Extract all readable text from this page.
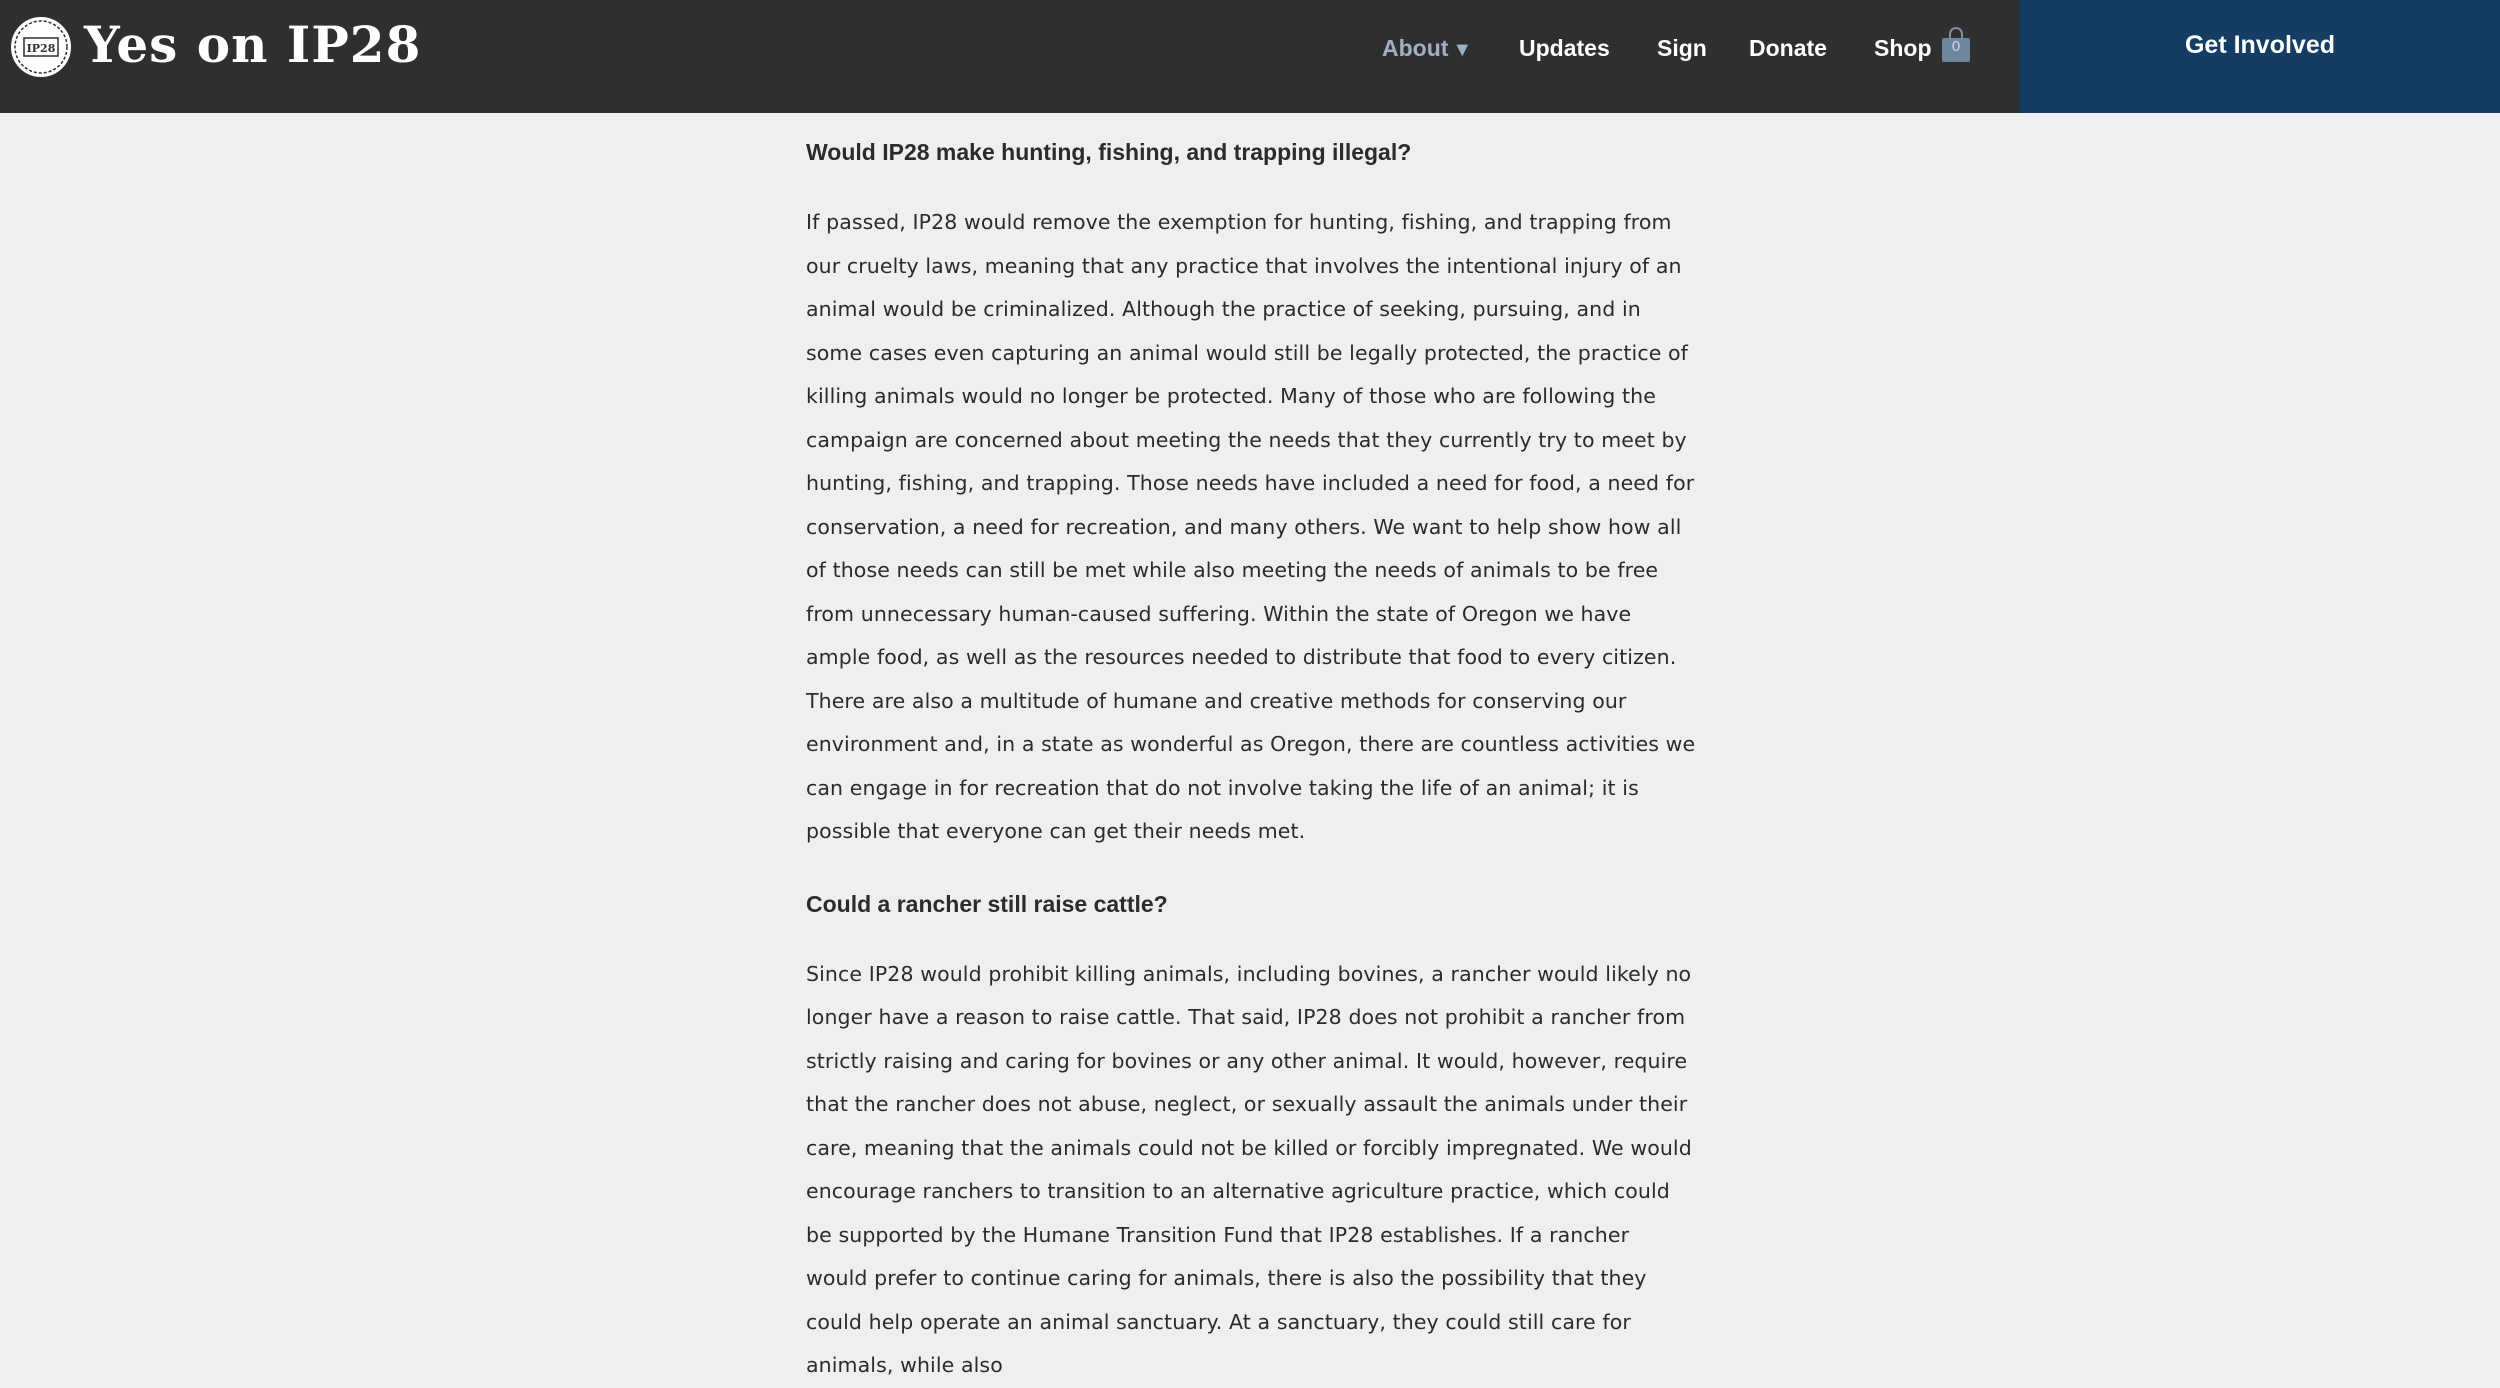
IP28 Yes on IP28	About ▼ Updates Sign Donate Shop	0	Get Involved
Would IP28 make hunting, fishing, and trapping illegal?
If passed, IP28 would remove the exemption for hunting, fishing, and trapping from our cruelty laws, meaning that any practice that involves the intentional injury of an animal would be criminalized. Although the practice of seeking, pursuing, and in some cases even capturing an animal would still be legally protected, the practice of killing animals would no longer be protected. Many of those who are following the campaign are concerned about meeting the needs that they currently try to meet by hunting, fishing, and trapping. Those needs have included a need for food, a need for conservation, a need for recreation, and many others. We want to help show how all of those needs can still be met while also meeting the needs of animals to be free from unnecessary human-caused suffering. Within the state of Oregon we have ample food, as well as the resources needed to distribute that food to every citizen. There are also a multitude of humane and creative methods for conserving our environment and, in a state as wonderful as Oregon, there are countless activities we can engage in for recreation that do not involve taking the life of an animal; it is possible that everyone can get their needs met.
Could a rancher still raise cattle?
Since IP28 would prohibit killing animals, including bovines, a rancher would likely no longer have a reason to raise cattle. That said, IP28 does not prohibit a rancher from strictly raising and caring for bovines or any other animal. It would, however, require that the rancher does not abuse, neglect, or sexually assault the animals under their care, meaning that the animals could not be killed or forcibly impregnated. We would encourage ranchers to transition to an alternative agriculture practice, which could be supported by the Humane Transition Fund that IP28 establishes. If a rancher would prefer to continue caring for animals, there is also the possibility that they could help operate an animal sanctuary. At a sanctuary, they could still care for animals, while also
